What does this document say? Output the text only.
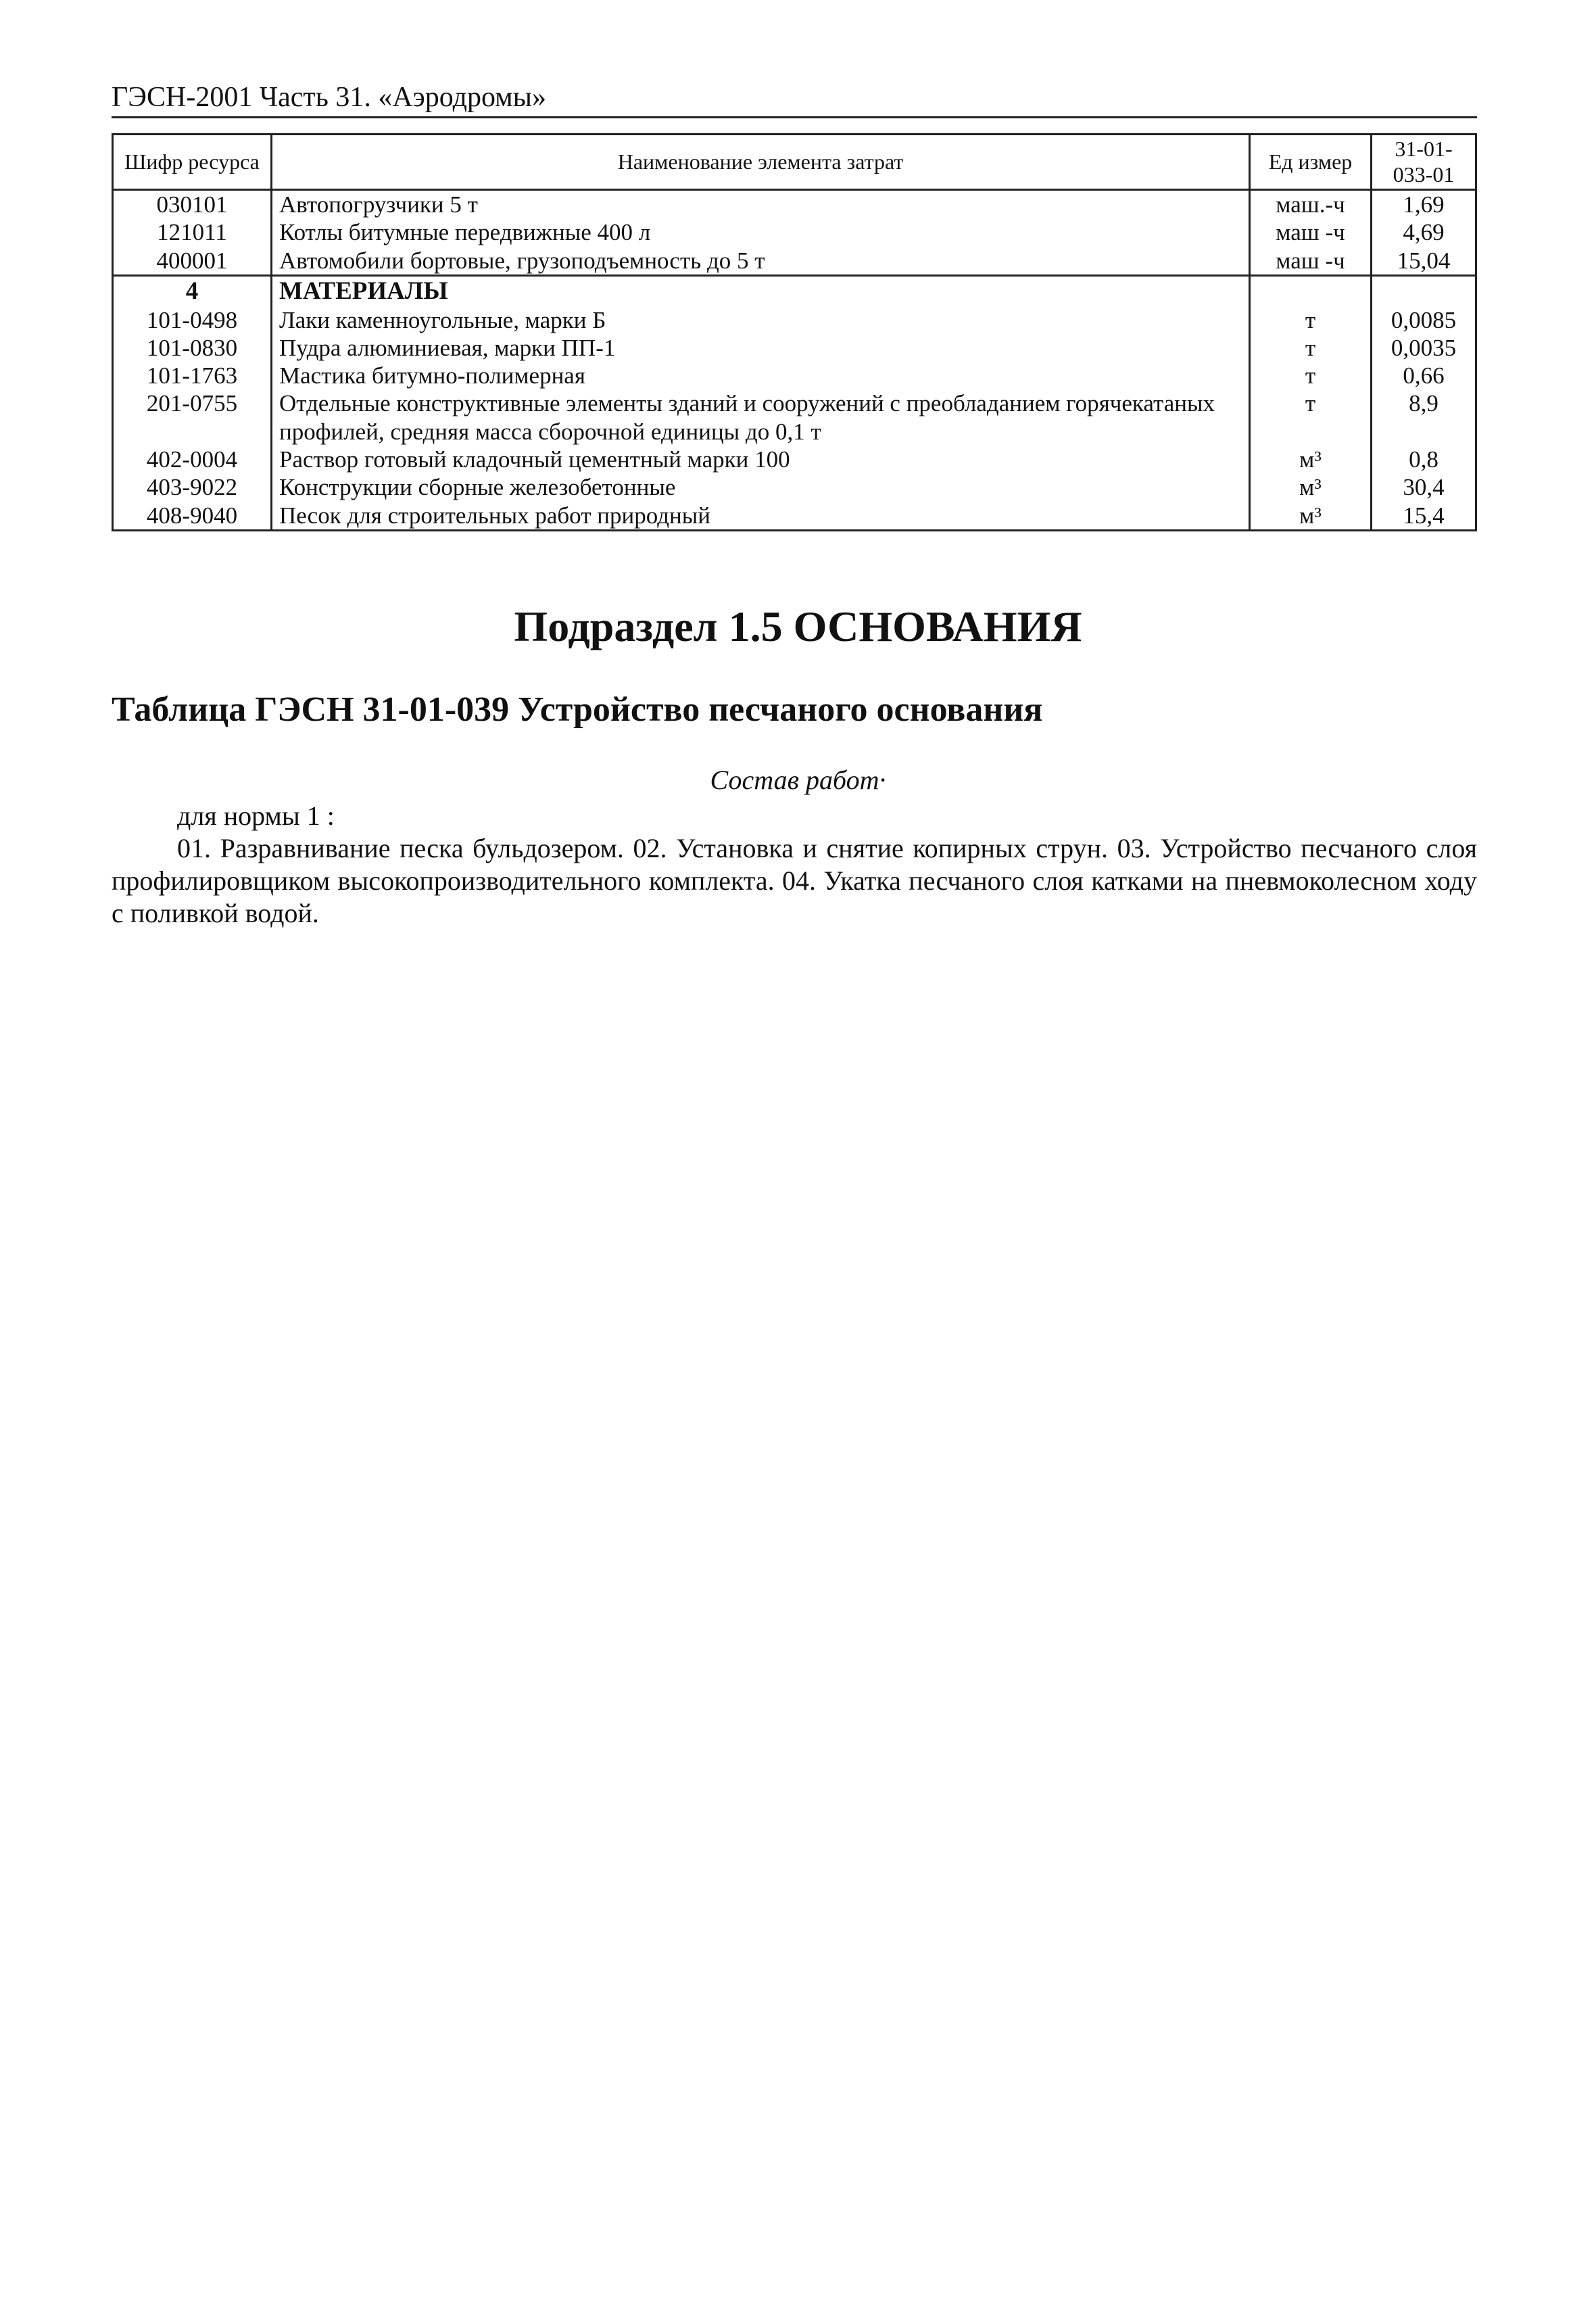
ГЭСН-2001 Часть 31. «Аэродромы»
Шифр ресурса	Наименование элемента затрат	Ед измер	31-01-033-01
030101	Автопогрузчики 5 т	маш.-ч	1,69
121011	Котлы битумные передвижные 400 л	маш -ч	4,69
400001	Автомобили бортовые, грузоподъемность до 5 т	маш -ч	15,04
4	МАТЕРИАЛЫ		
101-0498	Лаки каменноугольные, марки Б	т	0,0085
101-0830	Пудра алюминиевая, марки ПП-1	т	0,0035
101-1763	Мастика битумно-полимерная	т	0,66
201-0755	Отдельные конструктивные элементы зданий и сооружений с преобладанием горячекатаных профилей, средняя масса сборочной единицы до 0,1 т	т	8,9
402-0004	Раствор готовый кладочный цементный марки 100	м³	0,8
403-9022	Конструкции сборные железобетонные	м³	30,4
408-9040	Песок для строительных работ природный	м³	15,4
Подраздел 1.5 ОСНОВАНИЯ
Таблица ГЭСН 31-01-039 Устройство песчаного основания
Состав работ·
для нормы 1 :
01. Разравнивание песка бульдозером. 02. Установка и снятие копирных струн. 03. Устройство песчаного слоя профилировщиком высокопроизводительного комплекта. 04. Укатка песчаного слоя катками на пневмоколесном ходу с поливкой водой.
